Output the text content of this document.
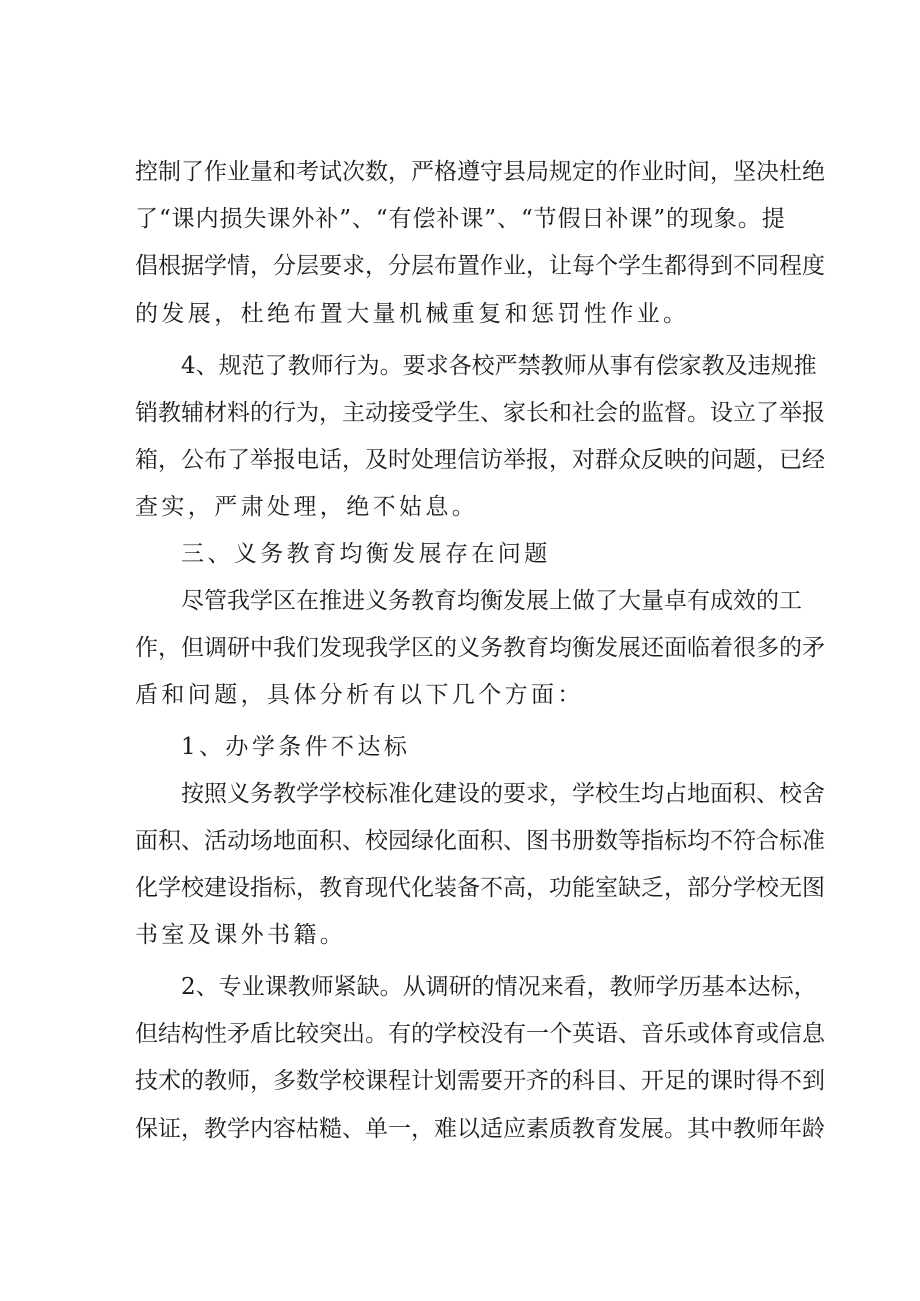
控 制 了 作 业 量 和 考 试 次 数 ， 严 格 遵 守 县 局 规 定 的 作 业 时 间 ， 坚 决 杜 绝
了 “ 课 内 损 失 课 外 补 ” 、 “ 有 偿 补 课 ” 、 “ 节 假 日 补 课 ” 的 现 象 。 提
倡 根 据 学 情 ， 分 层 要 求 ， 分 层 布 置 作 业 ， 让 每 个 学 生 都 得 到 不 同 程 度
的发展，杜绝布置大量机械重复和惩罚性作业。
4 、 规 范 了 教 师 行 为 。 要 求 各 校 严 禁 教 师 从 事 有 偿 家 教 及 违 规 推
销 教 辅 材 料 的 行 为 ， 主 动 接 受 学 生 、 家 长 和 社 会 的 监 督 。 设 立 了 举 报
箱 ， 公 布 了 举 报 电 话 ， 及 时 处 理 信 访 举 报 ， 对 群 众 反 映 的 问 题 ， 已 经
查实，严肃处理，绝不姑息。
三、义务教育均衡发展存在问题
尽 管 我 学 区 在 推 进 义 务 教 育 均 衡 发 展 上 做 了 大 量 卓 有 成 效 的 工
作 ， 但 调 研 中 我 们 发 现 我 学 区 的 义 务 教 育 均 衡 发 展 还 面 临 着 很 多 的 矛
盾和问题，具体分析有以下几个方面：
1、办学条件不达标
按 照 义 务 教 学 学 校 标 准 化 建 设 的 要 求 ， 学 校 生 均 占 地 面 积 、 校 舍
面 积 、 活 动 场 地 面 积 、 校 园 绿 化 面 积 、 图 书 册 数 等 指 标 均 不 符 合 标 准
化 学 校 建 设 指 标 ， 教 育 现 代 化 装 备 不 高 ， 功 能 室 缺 乏 ， 部 分 学 校 无 图
书室及课外书籍。
2 、 专 业 课 教 师 紧 缺 。 从 调 研 的 情 况 来 看 ， 教 师 学 历 基 本 达 标 ，
但 结 构 性 矛 盾 比 较 突 出 。 有 的 学 校 没 有 一 个 英 语 、 音 乐 或 体 育 或 信 息
技 术 的 教 师 ， 多 数 学 校 课 程 计 划 需 要 开 齐 的 科 目 、 开 足 的 课 时 得 不 到
保 证 ， 教 学 内 容 枯 糙 、 单 一 ， 难 以 适 应 素 质 教 育 发 展 。 其 中 教 师 年 龄
